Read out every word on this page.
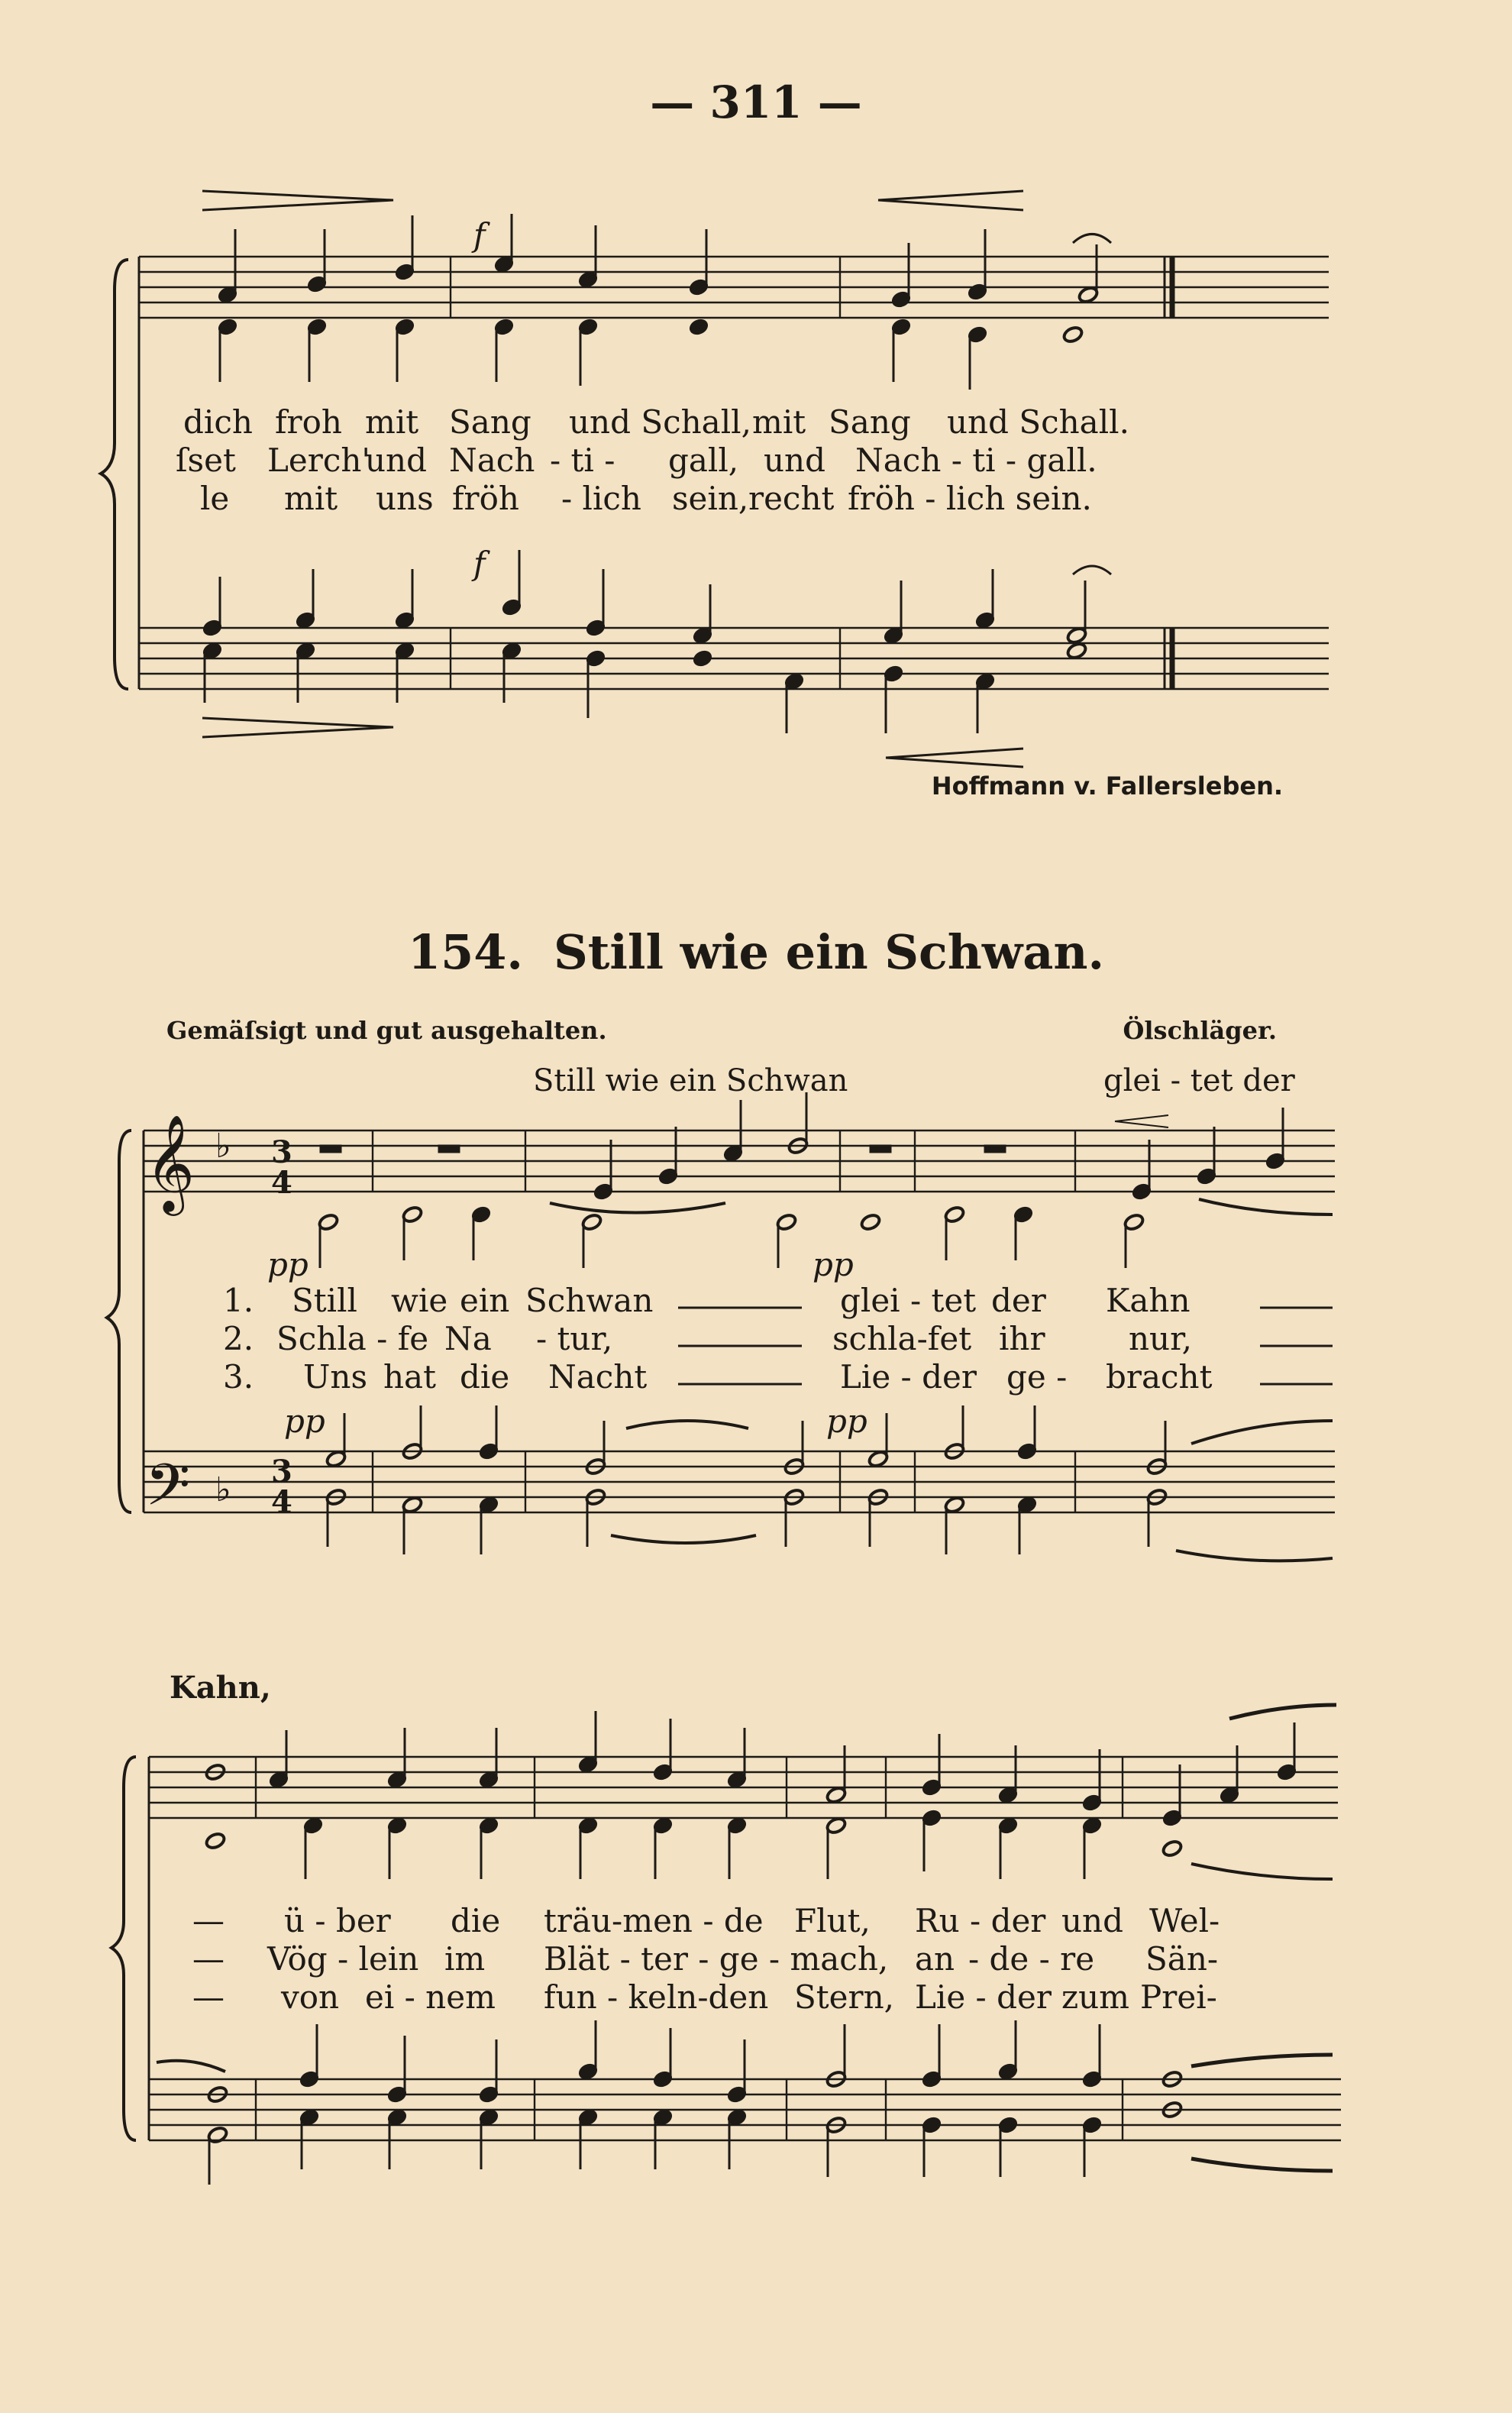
— 311 —
dich froh mit Sang und Schall, mit Sang und Schall.
ſset Lerch'
und Nach - ti - gall, und Nach - ti - gall.
le mit uns fröh - lich sein, recht fröh - lich sein.
Hoffmann v. Fallersleben.
154. Still wie ein Schwan.
Gemäſsigt und gut ausgehalten.	Ölschläger.
Still wie ein Schwan	glei - tet der
1. Still wie ein Schwan	glei - tet der Kahn
2. Schla - fe Na - tur,	schla-fet ihr	nur,
3. Uns hat die Nacht	Lie - der ge - bracht
Kahn,
— ü - ber die träu-men - de Flut, Ru - der und Wel-
— Vög - lein im Blät - ter - ge - mach, an - de - re Sän-
— von ei - nem fun - keln-den Stern, Lie - der zum Prei-
𝄞
𝄢
♭
♭
3
4
3
4
f
f
pp	pp
pp	pp
